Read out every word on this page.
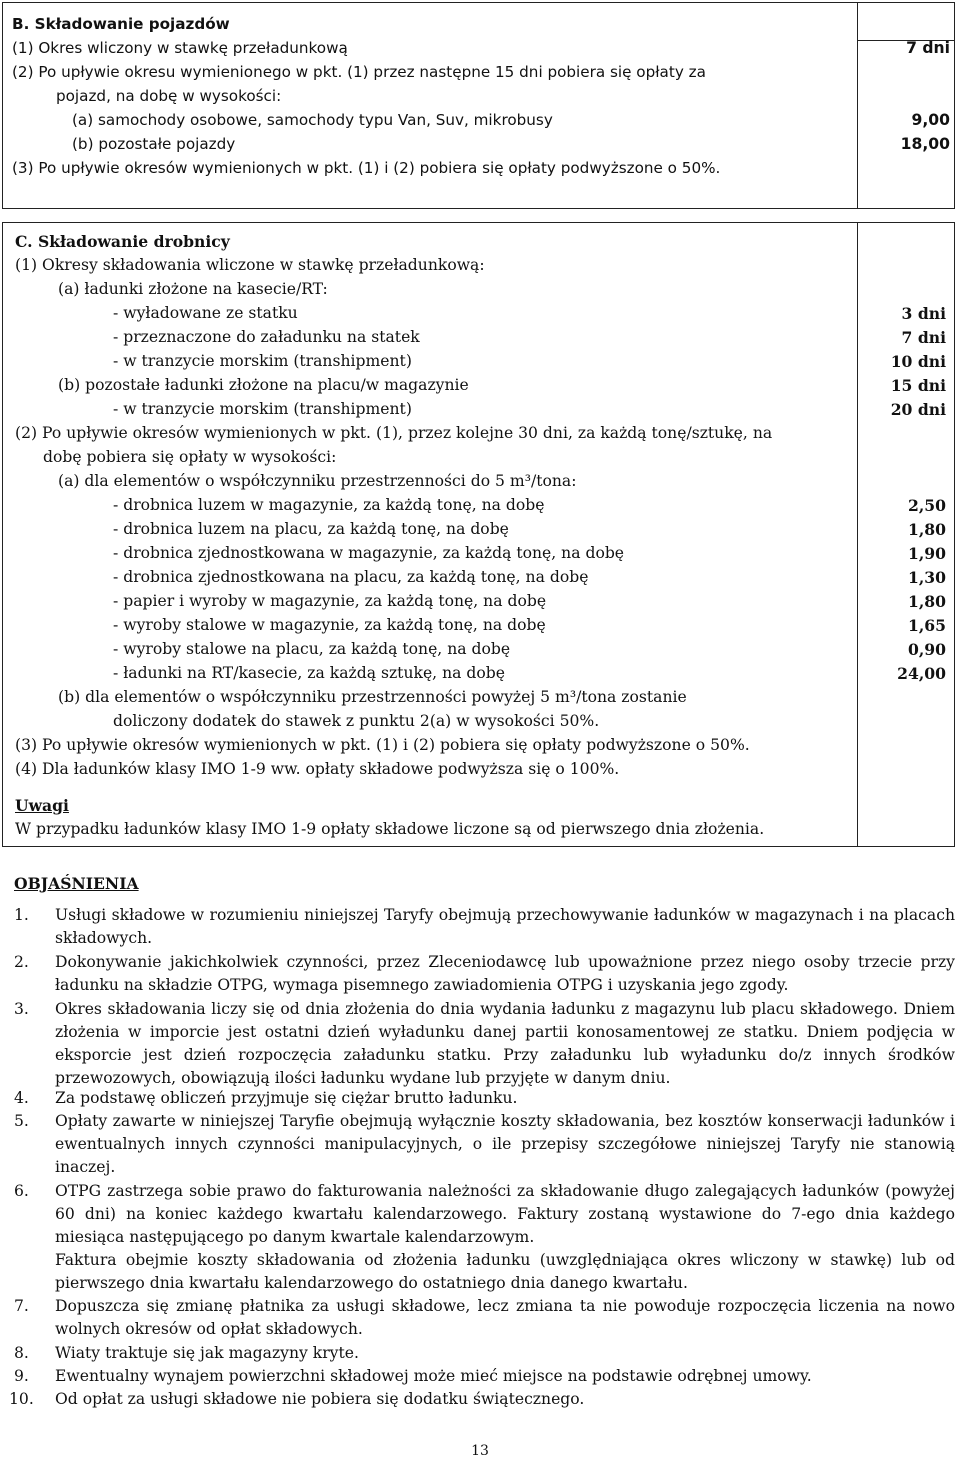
B. Składowanie pojazdów
(1) Okres wliczony w stawkę przeładunkową	7 dni
(2) Po upływie okresu wymienionego w pkt. (1) przez następne 15 dni pobiera się opłaty za
pojazd, na dobę w wysokości:
(a) samochody osobowe, samochody typu Van, Suv, mikrobusy	9,00
(b) pozostałe pojazdy	18,00
(3) Po upływie okresów wymienionych w pkt. (1) i (2) pobiera się opłaty podwyższone o 50%.
C. Składowanie drobnicy
(1) Okresy składowania wliczone w stawkę przeładunkową:
(a) ładunki złożone na kasecie/RT:
- wyładowane ze statku	3 dni
- przeznaczone do załadunku na statek	7 dni
- w tranzycie morskim (transhipment)	10 dni
(b) pozostałe ładunki złożone na placu/w magazynie	15 dni
- w tranzycie morskim (transhipment)	20 dni
(2) Po upływie okresów wymienionych w pkt. (1), przez kolejne 30 dni, za każdą tonę/sztukę, na
dobę pobiera się opłaty w wysokości:
(a) dla elementów o współczynniku przestrzenności do 5 m³/tona:
- drobnica luzem w magazynie, za każdą tonę, na dobę	2,50
- drobnica luzem na placu, za każdą tonę, na dobę	1,80
- drobnica zjednostkowana w magazynie, za każdą tonę, na dobę	1,90
- drobnica zjednostkowana na placu, za każdą tonę, na dobę	1,30
- papier i wyroby w magazynie, za każdą tonę, na dobę	1,80
- wyroby stalowe w magazynie, za każdą tonę, na dobę	1,65
- wyroby stalowe na placu, za każdą tonę, na dobę	0,90
- ładunki na RT/kasecie, za każdą sztukę, na dobę	24,00
(b) dla elementów o współczynniku przestrzenności powyżej 5 m³/tona zostanie
doliczony dodatek do stawek z punktu 2(a) w wysokości 50%.
(3) Po upływie okresów wymienionych w pkt. (1) i (2) pobiera się opłaty podwyższone o 50%.
(4) Dla ładunków klasy IMO 1-9 ww. opłaty składowe podwyższa się o 100%.
Uwagi
W przypadku ładunków klasy IMO 1-9 opłaty składowe liczone są od pierwszego dnia złożenia.
OBJAŚNIENIA
1. Usługi składowe w rozumieniu niniejszej Taryfy obejmują przechowywanie ładunków w magazynach i na placach składowych.
2. Dokonywanie jakichkolwiek czynności, przez Zleceniodawcę lub upoważnione przez niego osoby trzecie przy ładunku na składzie OTPG, wymaga pisemnego zawiadomienia OTPG i uzyskania jego zgody.
3. Okres składowania liczy się od dnia złożenia do dnia wydania ładunku z magazynu lub placu składowego. Dniem złożenia w imporcie jest ostatni dzień wyładunku danej partii konosamentowej ze statku. Dniem podjęcia w eksporcie jest dzień rozpoczęcia załadunku statku. Przy załadunku lub wyładunku do/z innych środków przewozowych, obowiązują ilości ładunku wydane lub przyjęte w danym dniu.
4. Za podstawę obliczeń przyjmuje się ciężar brutto ładunku.
5. Opłaty zawarte w niniejszej Taryfie obejmują wyłącznie koszty składowania, bez kosztów konserwacji ładunków i ewentualnych innych czynności manipulacyjnych, o ile przepisy szczegółowe niniejszej Taryfy nie stanowią inaczej.
6. OTPG zastrzega sobie prawo do fakturowania należności za składowanie długo zalegających ładunków (powyżej 60 dni) na koniec każdego kwartału kalendarzowego. Faktury zostaną wystawione do 7-ego dnia każdego miesiąca następującego po danym kwartale kalendarzowym.
Faktura obejmie koszty składowania od złożenia ładunku (uwzględniająca okres wliczony w stawkę) lub od pierwszego dnia kwartału kalendarzowego do ostatniego dnia danego kwartału.
7. Dopuszcza się zmianę płatnika za usługi składowe, lecz zmiana ta nie powoduje rozpoczęcia liczenia na nowo wolnych okresów od opłat składowych.
8. Wiaty traktuje się jak magazyny kryte.
9. Ewentualny wynajem powierzchni składowej może mieć miejsce na podstawie odrębnej umowy.
10. Od opłat za usługi składowe nie pobiera się dodatku świątecznego.
13
